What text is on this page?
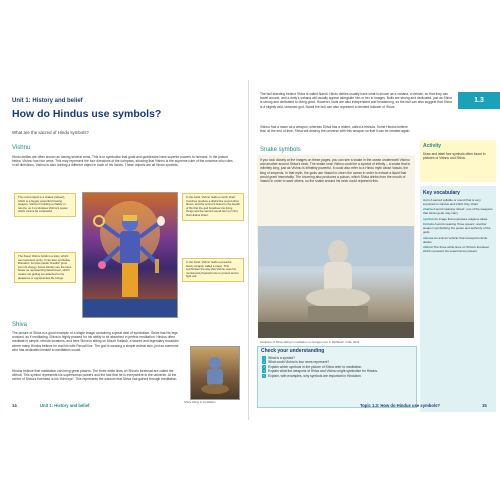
Unit 1: History and belief
How do Hindus use symbols?
What are the sacred of Hindu symbols?
Vishnu

Hindu deities are often shown as having several arms. This is to symbolise that gods and goddesses have superior powers to humans. In the picture below, Vishnu has four arms. This may represent the four directions of the compass, showing that Vishnu is the supreme ruler of the universe who rules in all directions. Vishnu is also holding a different object in each of his hands. These objects are all Hindu symbols.

The round object is a chakra ('wheel'), which is a hugely powerful throwing weapon. Vishnu is holding a chakra; in returns, so it symbolises Vishnu's power, which cannot be exhausted.
In the hand, Vishnu holds a conch shell. Conches produce a distinctive sound when blown, and the sound is linked to the breath of life that the god breathes into living things and the sacred sound Aum (or Om) that Hindus chant.
The flower Vishnu holds is a lotus, which can represent purity. It can also symbolise liberation: Its lotus petals 'breathe' grow from its energy. Some Hindus see the lotus flower as representing detachment, which means not getting too attached to the pleasures or opportunities life brings.
In the hand, Vishnu holds a powerful, heavy weapon called a mace. This symbolises the way that Vishnu uses his mental and physical force to protect and to fight evil.
Shiva

The picture of Shiva is a good example of a single image containing a great deal of symbolism. Shiva has his legs crossed, as if meditating. Shiva is highly praised for his ability to sit absorbed in perfect meditation. Hindus often meditate in simple, remote locations, and here Shiva is sitting on Mount Kailash, a sacred and legendary mountain where many Hindus believe he and his wife Parvati live. The god is wearing a simple animal skin, just as someone who has dedicated himself to meditation would.

Hindus believe that meditation can bring great powers. The three white lines on Shiva's forehead are called the vibhuti. This symbol represents his superhuman powers and the fact that he is everywhere in the universe. At the centre of Shiva's forehead is his 'third eye'. This represents the wisdom that Shiva has gained through meditation.

Shiva sitting in meditation.
14	Unit 1: History and belief
1.3

The bull standing behind Shiva is called Nandi. Hindu deities usually have what is known as a vahana, a vehicle, so that they can travel around, and a deity's vahana will usually appear alongside him or her in images. Bulls are strong and dedicated, just as Shiva is strong and dedicated to doing good. However, bulls are also independent and headstrong, so the bull can also suggest that Shiva is a slightly wild, untamed god. Nandi the bull can also represent a devoted follower of Shiva.

Vishnu has a mace as a weapon, whereas Shiva has a trident, called a trishula. Some Hindus believe that, at the end of time, Shiva will destroy the universe with this weapon so that it can be created again.

Snake symbols

If you look closely at the images on these pages, you can see a snake in the ocean underneath Vishnu and another around Shiva's neck. The snake near Vishnu could be a symbol of infinity – a snake that is infinitely long, just as Vishnu is infinitely powerful. It could also refer to a Hindu myth about Vasuki, the king of serpents. In that myth, the gods use Vasuki to churn the ocean in order to extract a liquid that would grant immortality. The churning also produces a poison, which Shiva drinks from the mouth of Vasuki in order to save others, so the snake around his neck could represent this.

Sculpture of Shiva sitting in meditation on Ganges river in Rishikesh, India, 2013
Check your understanding
1 What is a symbol?
2 What could Vishnu's four arms represent?
3 Explain which symbols in the picture of Shiva refer to meditation.
4 Explain what the weapons of Shiva and Vishnu might symbolise for Hindus.
5 Explain, with examples, why symbols are important in Hinduism.
Activity

Draw and label four symbols often found in pictures of Vishnu and Shiva.

Key vocabulary
Aum A sacred syllable or sound that is very important to Hindus and which they chant
chakra A word meaning 'wheel', one of the weapons that Hindu gods may carry
symbol An image that expresses religious ideas
trishula A word meaning 'three spears', another weapon symbolising the power and authority of the gods
vahana An animal 'vehicle' that transports Hindu deities
vibhuti The three white lines on Shiva's forehead, which represent his superhuman powers
Topic 1.3: How do Hindus use symbols?	15
